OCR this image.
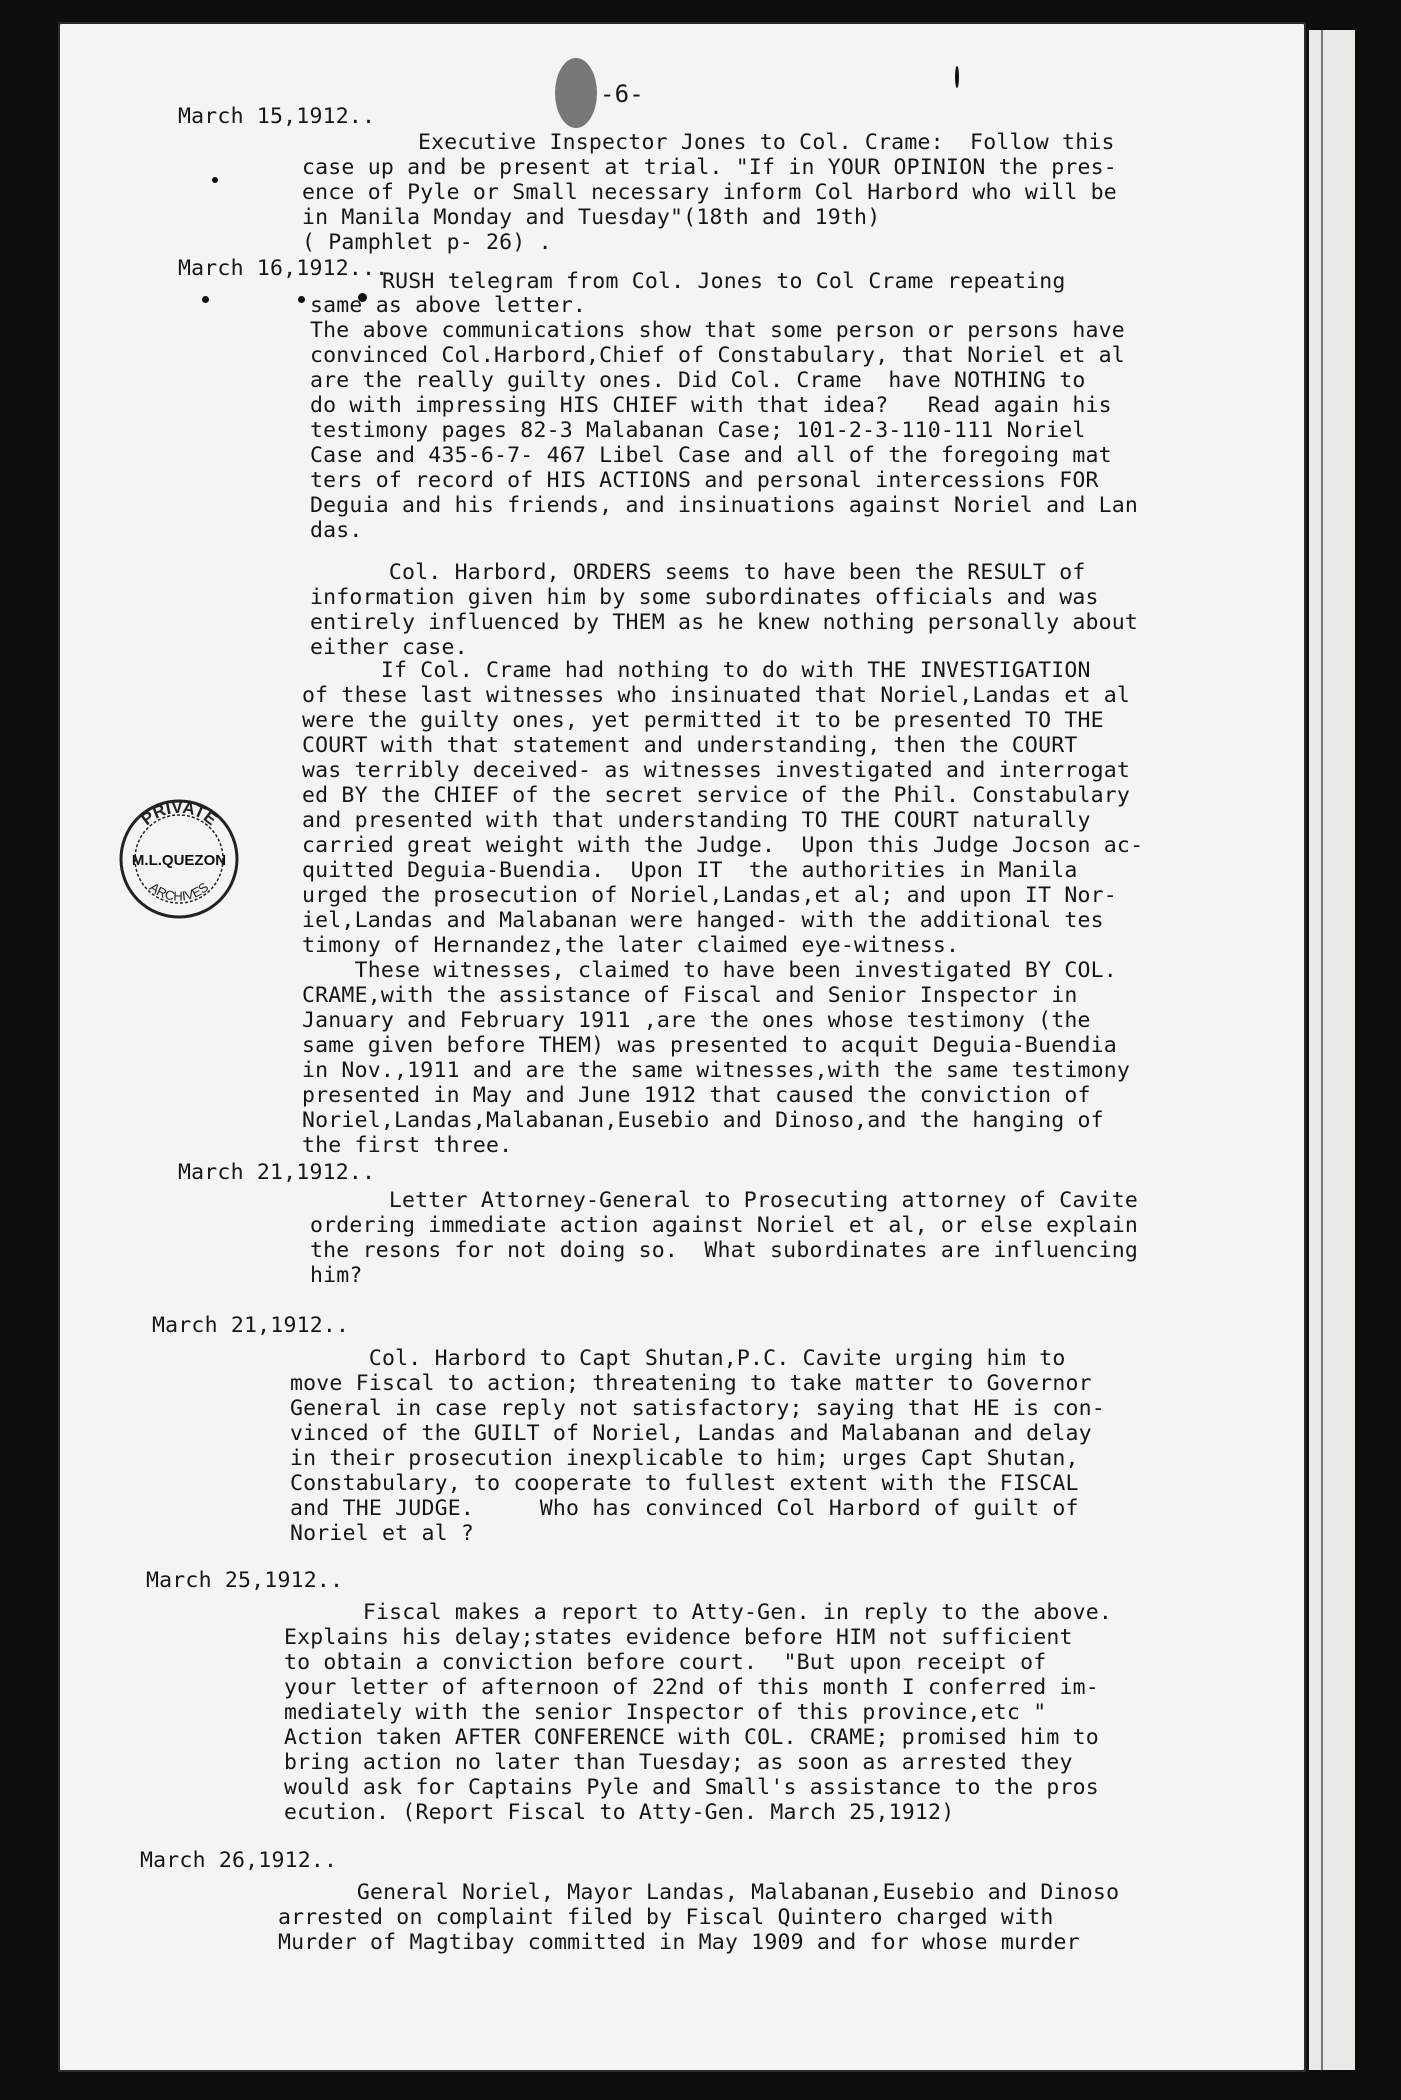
-6-
March 15,1912..
Executive Inspector Jones to Col. Crame:  Follow this
case up and be present at trial. "If in YOUR OPINION the pres-
ence of Pyle or Small necessary inform Col Harbord who will be
in Manila Monday and Tuesday"(18th and 19th)
( Pamphlet p- 26) .
March 16,1912...
RUSH telegram from Col. Jones to Col Crame repeating
same as above letter.
The above communications show that some person or persons have
convinced Col.Harbord,Chief of Constabulary, that Noriel et al
are the really guilty ones. Did Col. Crame  have NOTHING to
do with impressing HIS CHIEF with that idea?   Read again his
testimony pages 82-3 Malabanan Case; 101-2-3-110-111 Noriel
Case and 435-6-7- 467 Libel Case and all of the foregoing mat
ters of record of HIS ACTIONS and personal intercessions FOR
Deguia and his friends, and insinuations against Noriel and Lan
das.
Col. Harbord, ORDERS seems to have been the RESULT of
information given him by some subordinates officials and was
entirely influenced by THEM as he knew nothing personally about
either case.
If Col. Crame had nothing to do with THE INVESTIGATION
of these last witnesses who insinuated that Noriel,Landas et al
were the guilty ones, yet permitted it to be presented TO THE
COURT with that statement and understanding, then the COURT
was terribly deceived- as witnesses investigated and interrogat
ed BY the CHIEF of the secret service of the Phil. Constabulary
and presented with that understanding TO THE COURT naturally
carried great weight with the Judge.  Upon this Judge Jocson ac-
quitted Deguia-Buendia.  Upon IT  the authorities in Manila
urged the prosecution of Noriel,Landas,et al; and upon IT Nor-
iel,Landas and Malabanan were hanged- with the additional tes
timony of Hernandez,the later claimed eye-witness.
These witnesses, claimed to have been investigated BY COL.
CRAME,with the assistance of Fiscal and Senior Inspector in
January and February 1911 ,are the ones whose testimony (the
same given before THEM) was presented to acquit Deguia-Buendia
in Nov.,1911 and are the same witnesses,with the same testimony
presented in May and June 1912 that caused the conviction of
Noriel,Landas,Malabanan,Eusebio and Dinoso,and the hanging of
the first three.
March 21,1912..
Letter Attorney-General to Prosecuting attorney of Cavite
ordering immediate action against Noriel et al, or else explain
the resons for not doing so.  What subordinates are influencing
him?
March 21,1912..
Col. Harbord to Capt Shutan,P.C. Cavite urging him to
move Fiscal to action; threatening to take matter to Governor
General in case reply not satisfactory; saying that HE is con-
vinced of the GUILT of Noriel, Landas and Malabanan and delay
in their prosecution inexplicable to him; urges Capt Shutan,
Constabulary, to cooperate to fullest extent with the FISCAL
and THE JUDGE.     Who has convinced Col Harbord of guilt of
Noriel et al ?
March 25,1912..
Fiscal makes a report to Atty-Gen. in reply to the above.
Explains his delay;states evidence before HIM not sufficient
to obtain a conviction before court.  "But upon receipt of
your letter of afternoon of 22nd of this month I conferred im-
mediately with the senior Inspector of this province,etc "
Action taken AFTER CONFERENCE with COL. CRAME; promised him to
bring action no later than Tuesday; as soon as arrested they
would ask for Captains Pyle and Small's assistance to the pros
ecution. (Report Fiscal to Atty-Gen. March 25,1912)
March 26,1912..
General Noriel, Mayor Landas, Malabanan,Eusebio and Dinoso
arrested on complaint filed by Fiscal Quintero charged with
Murder of Magtibay committed in May 1909 and for whose murder
PRIVATE
M.L.QUEZON
ARCHIVES
